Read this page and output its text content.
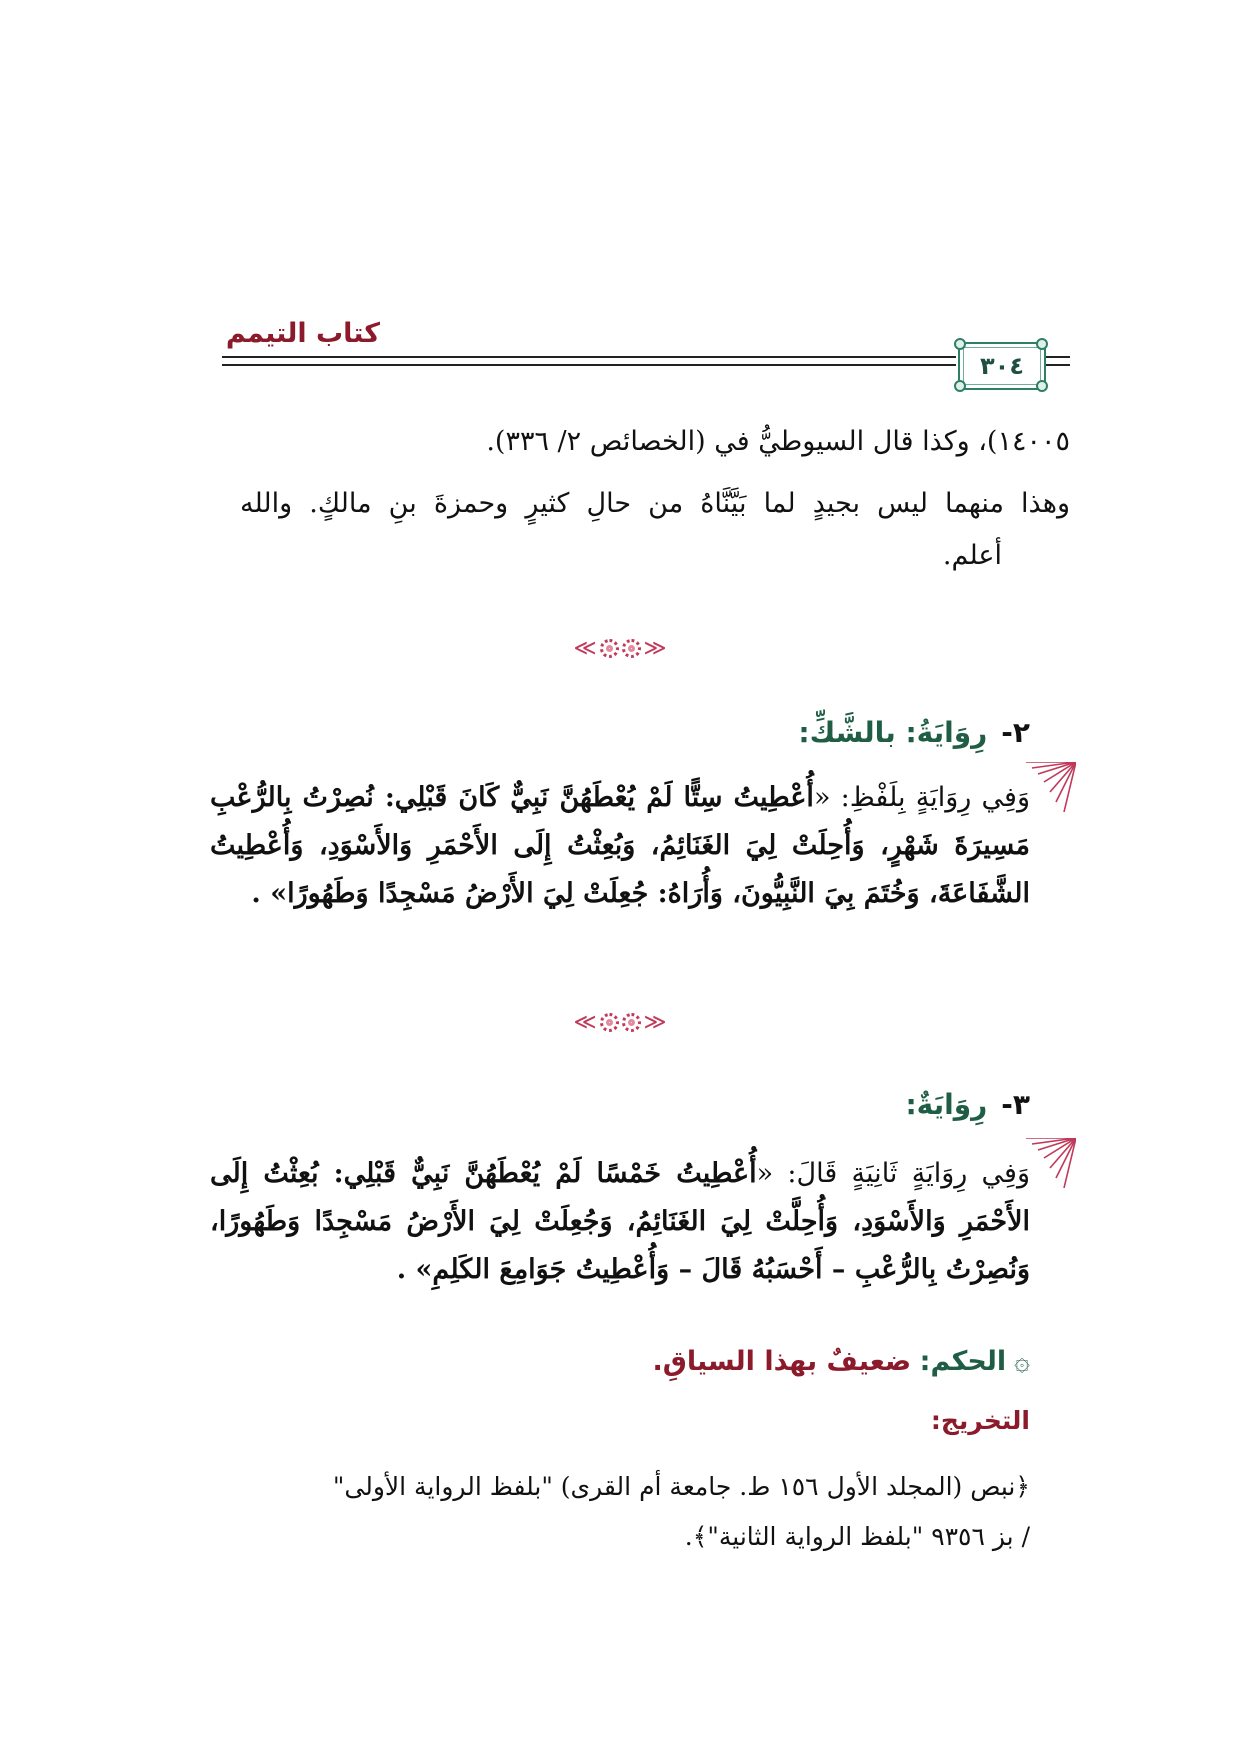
كتاب التيمم
٣٠٤
١٤٠٠٥)، وكذا قال السيوطيُّ في (الخصائص ٢/ ٣٣٦).
وهذا منهما ليس بجيدٍ لما بَيَّنَّاهُ من حالِ كثيرٍ وحمزةَ بنِ مالكٍ. والله
أعلم.
≪ ≫
٢-رِوَايَةُ: بالشَّكِّ:
وَفِي رِوَايَةٍ بِلَفْظِ: «أُعْطِيتُ سِتًّا لَمْ يُعْطَهُنَّ نَبِيٌّ كَانَ قَبْلِي: نُصِرْتُ بِالرُّعْبِ
مَسِيرَةَ شَهْرٍ، وَأُحِلَتْ لِيَ الغَنَائِمُ، وَبُعِثْتُ إِلَى الأَحْمَرِ وَالأَسْوَدِ، وَأُعْطِيتُ
الشَّفَاعَةَ، وَخُتَمَ بِيَ النَّبِيُّونَ، وَأُرَاهُ: جُعِلَتْ لِيَ الأَرْضُ مَسْجِدًا وَطَهُورًا» .
≪ ≫
٣-رِوَايَةٌ:
وَفِي رِوَايَةٍ ثَانِيَةٍ قَالَ: «أُعْطِيتُ خَمْسًا لَمْ يُعْطَهُنَّ نَبِيٌّ قَبْلِي: بُعِثْتُ إِلَى
الأَحْمَرِ وَالأَسْوَدِ، وَأُحِلَّتْ لِيَ الغَنَائِمُ، وَجُعِلَتْ لِيَ الأَرْضُ مَسْجِدًا وَطَهُورًا،
وَنُصِرْتُ بِالرُّعْبِ – أَحْسَبُهُ قَالَ – وَأُعْطِيتُ جَوَامِعَ الكَلِمِ» .
۞الحكم: ضعيفٌ بهذا السياقِ.
التخريج:
/ بز ٩٣٥٦ "بلفظ الرواية الثانية"﴾.
﴿نبص (المجلد الأول ١٥٦ ط. جامعة أم القرى) "بلفظ الرواية الأولى"
